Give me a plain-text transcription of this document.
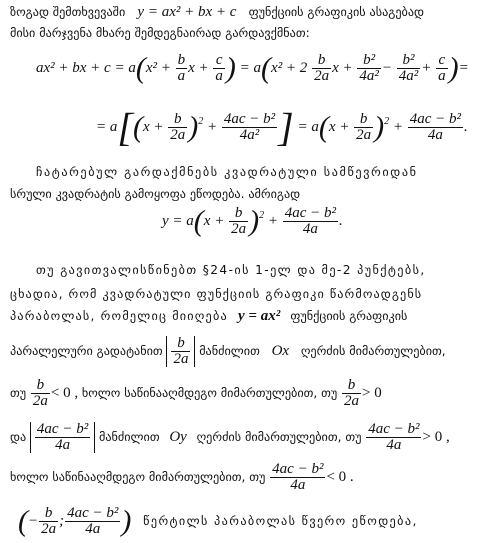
ზოგად შემთხვევაში y = ax² + bx + c ფუნქციის გრაფიკის ასაგებად
მისი მარჯვენა მხარე შემდეგნაირად გარდავქმნათ:
ax² + bx + $c = a(x^2 + \frac{b}{a}$ $x + \frac{c}{a}$ ) = $a(x^2 + 2 \frac{b}{2a}$ $x + \frac{\text{b²}}{\text{4a²}} - \frac{\text{b²}}{\text{4a²}} + \frac{c}{a}$ )=
= $a[(x + \frac{b}{2a} )^2 + \frac{\text{4ac − b²}}{\text{4a²}}$ ] = $a(x + \frac{b}{2a} )^2 + \frac{\text{4ac − b²}}{4a}$ .
ჩატარებულ გარდაქმნებს კვადრატული სამწევრიდან
სრული კვადრატის გამოყოფა ეწოდება. ამრიგად
$y = a(x + \frac{b}{2a} )^2 + \frac{\text{4ac − b²}}{4a}$ .
თუ გავითვალისწინებთ §24-ის 1-ელ და მე-2 პუნქტებს,
ცხადია, რომ კვადრატული ფუნქციის გრაფიკი წარმოადგენს
პარაბოლას, რომელიც მიიღება y = ax² ფუნქციის გრაფიკის
პარალელური გადატანით $\frac{b}{2a}$ მანძილით Ox ღერძის მიმართულებით,
თუ $\frac{b}{2a} < 0$ , ხოლო საწინააღმდეგო მიმართულებით, თუ $\frac{b}{2a} > 0$
და $\frac{\text{4ac − b²}}{4a}$ მანძილით Oy ღერძის მიმართულებით, თუ $\frac{\text{4ac − b²}}{4a} > 0$ ,
ხოლო საწინააღმდეგო მიმართულებით, თუ $\frac{\text{4ac − b²}}{4a} < 0$ .
(− $\frac{b}{2a}$ ; $\frac{\text{4ac − b²}}{4a}$ ) წერტილს პარაბოლას წვერო ეწოდება,
